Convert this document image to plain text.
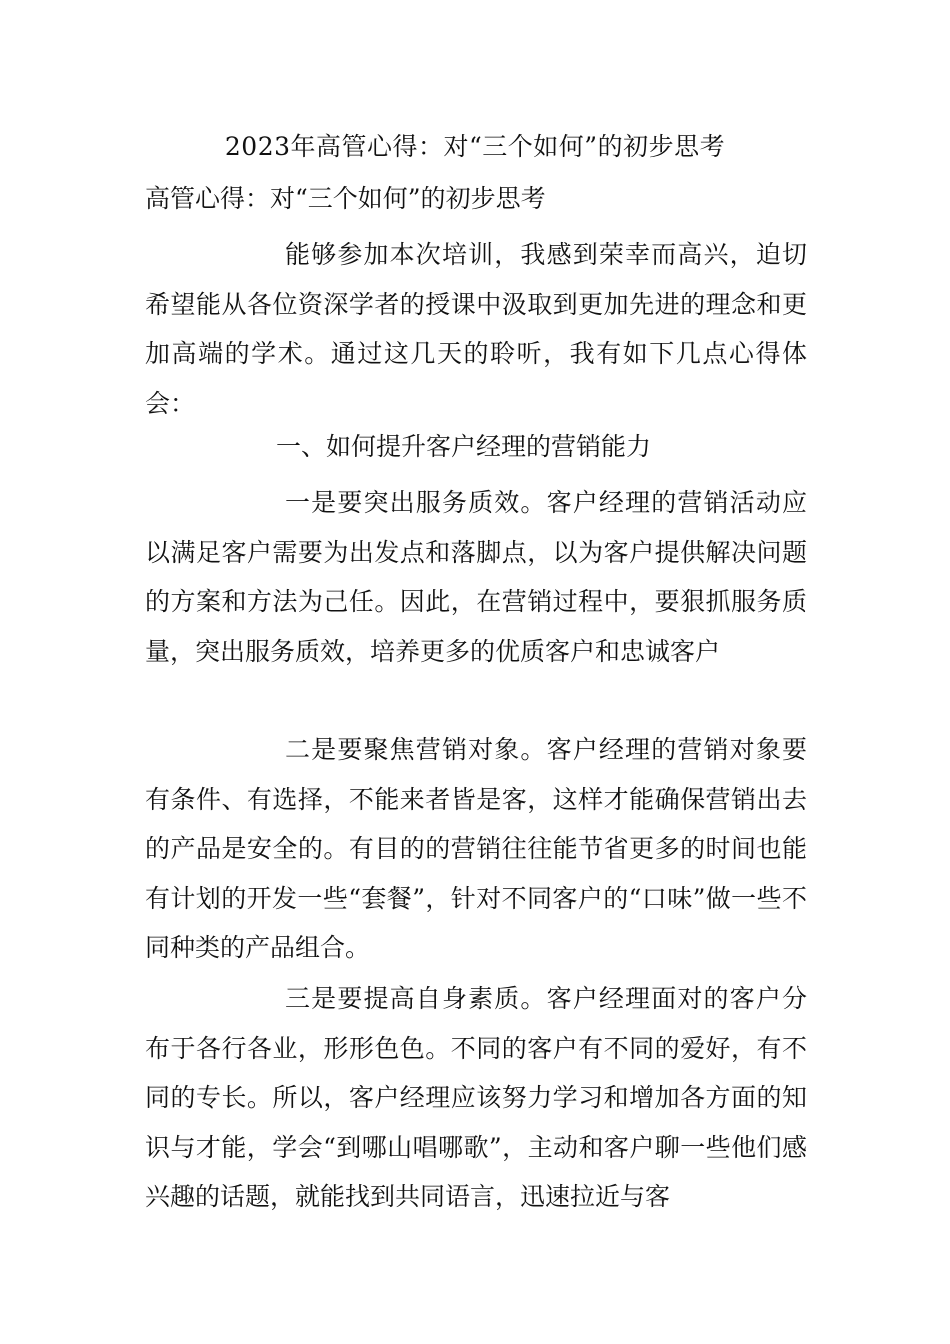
2023年高管心得：对“三个如何”的初步思考
高管心得：对“三个如何”的初步思考

能够参加本次培训，我感到荣幸而高兴，迫切希望能从各位资深学者的授课中汲取到更加先进的理念和更加高端的学术。通过这几天的聆听，我有如下几点心得体会：

一、如何提升客户经理的营销能力

一是要突出服务质效。客户经理的营销活动应以满足客户需要为出发点和落脚点，以为客户提供解决问题的方案和方法为己任。因此，在营销过程中，要狠抓服务质量，突出服务质效，培养更多的优质客户和忠诚客户

二是要聚焦营销对象。客户经理的营销对象要有条件、有选择，不能来者皆是客，这样才能确保营销出去的产品是安全的。有目的的营销往往能节省更多的时间也能有计划的开发一些“套餐”，针对不同客户的“口味”做一些不同种类的产品组合。

三是要提高自身素质。客户经理面对的客户分布于各行各业，形形色色。不同的客户有不同的爱好，有不同的专长。所以，客户经理应该努力学习和增加各方面的知识与才能，学会“到哪山唱哪歌”，主动和客户聊一些他们感兴趣的话题，就能找到共同语言，迅速拉近与客
